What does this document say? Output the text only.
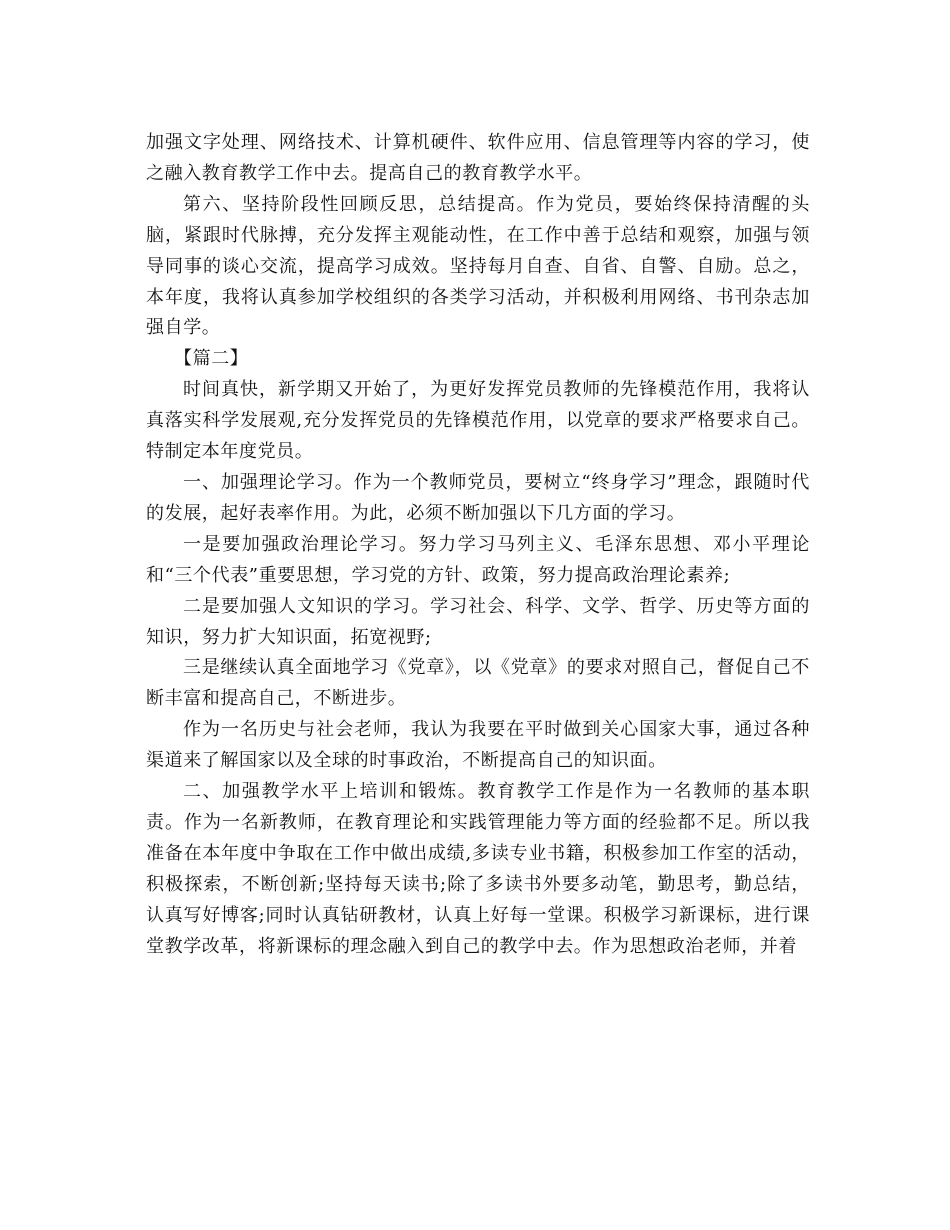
加强文字处理、网络技术、计算机硬件、软件应用、信息管理等内容的学习，使之融入教育教学工作中去。提高自己的教育教学水平。

第六、坚持阶段性回顾反思，总结提高。作为党员，要始终保持清醒的头脑，紧跟时代脉搏，充分发挥主观能动性，在工作中善于总结和观察，加强与领导同事的谈心交流，提高学习成效。坚持每月自查、自省、自警、自励。总之，本年度，我将认真参加学校组织的各类学习活动，并积极利用网络、书刊杂志加强自学。

【篇二】

时间真快，新学期又开始了，为更好发挥党员教师的先锋模范作用，我将认真落实科学发展观,充分发挥党员的先锋模范作用，以党章的要求严格要求自己。特制定本年度党员。

一、加强理论学习。作为一个教师党员，要树立“终身学习”理念，跟随时代的发展，起好表率作用。为此，必须不断加强以下几方面的学习。

一是要加强政治理论学习。努力学习马列主义、毛泽东思想、邓小平理论和“三个代表”重要思想，学习党的方针、政策，努力提高政治理论素养;

二是要加强人文知识的学习。学习社会、科学、文学、哲学、历史等方面的知识，努力扩大知识面，拓宽视野;

三是继续认真全面地学习《党章》，以《党章》的要求对照自己，督促自己不断丰富和提高自己，不断进步。

作为一名历史与社会老师，我认为我要在平时做到关心国家大事，通过各种渠道来了解国家以及全球的时事政治，不断提高自己的知识面。

二、加强教学水平上培训和锻炼。教育教学工作是作为一名教师的基本职责。作为一名新教师，在教育理论和实践管理能力等方面的经验都不足。所以我准备在本年度中争取在工作中做出成绩,多读专业书籍，积极参加工作室的活动，积极探索，不断创新;坚持每天读书;除了多读书外要多动笔，勤思考，勤总结，认真写好博客;同时认真钻研教材，认真上好每一堂课。积极学习新课标，进行课堂教学改革，将新课标的理念融入到自己的教学中去。作为思想政治老师，并着
